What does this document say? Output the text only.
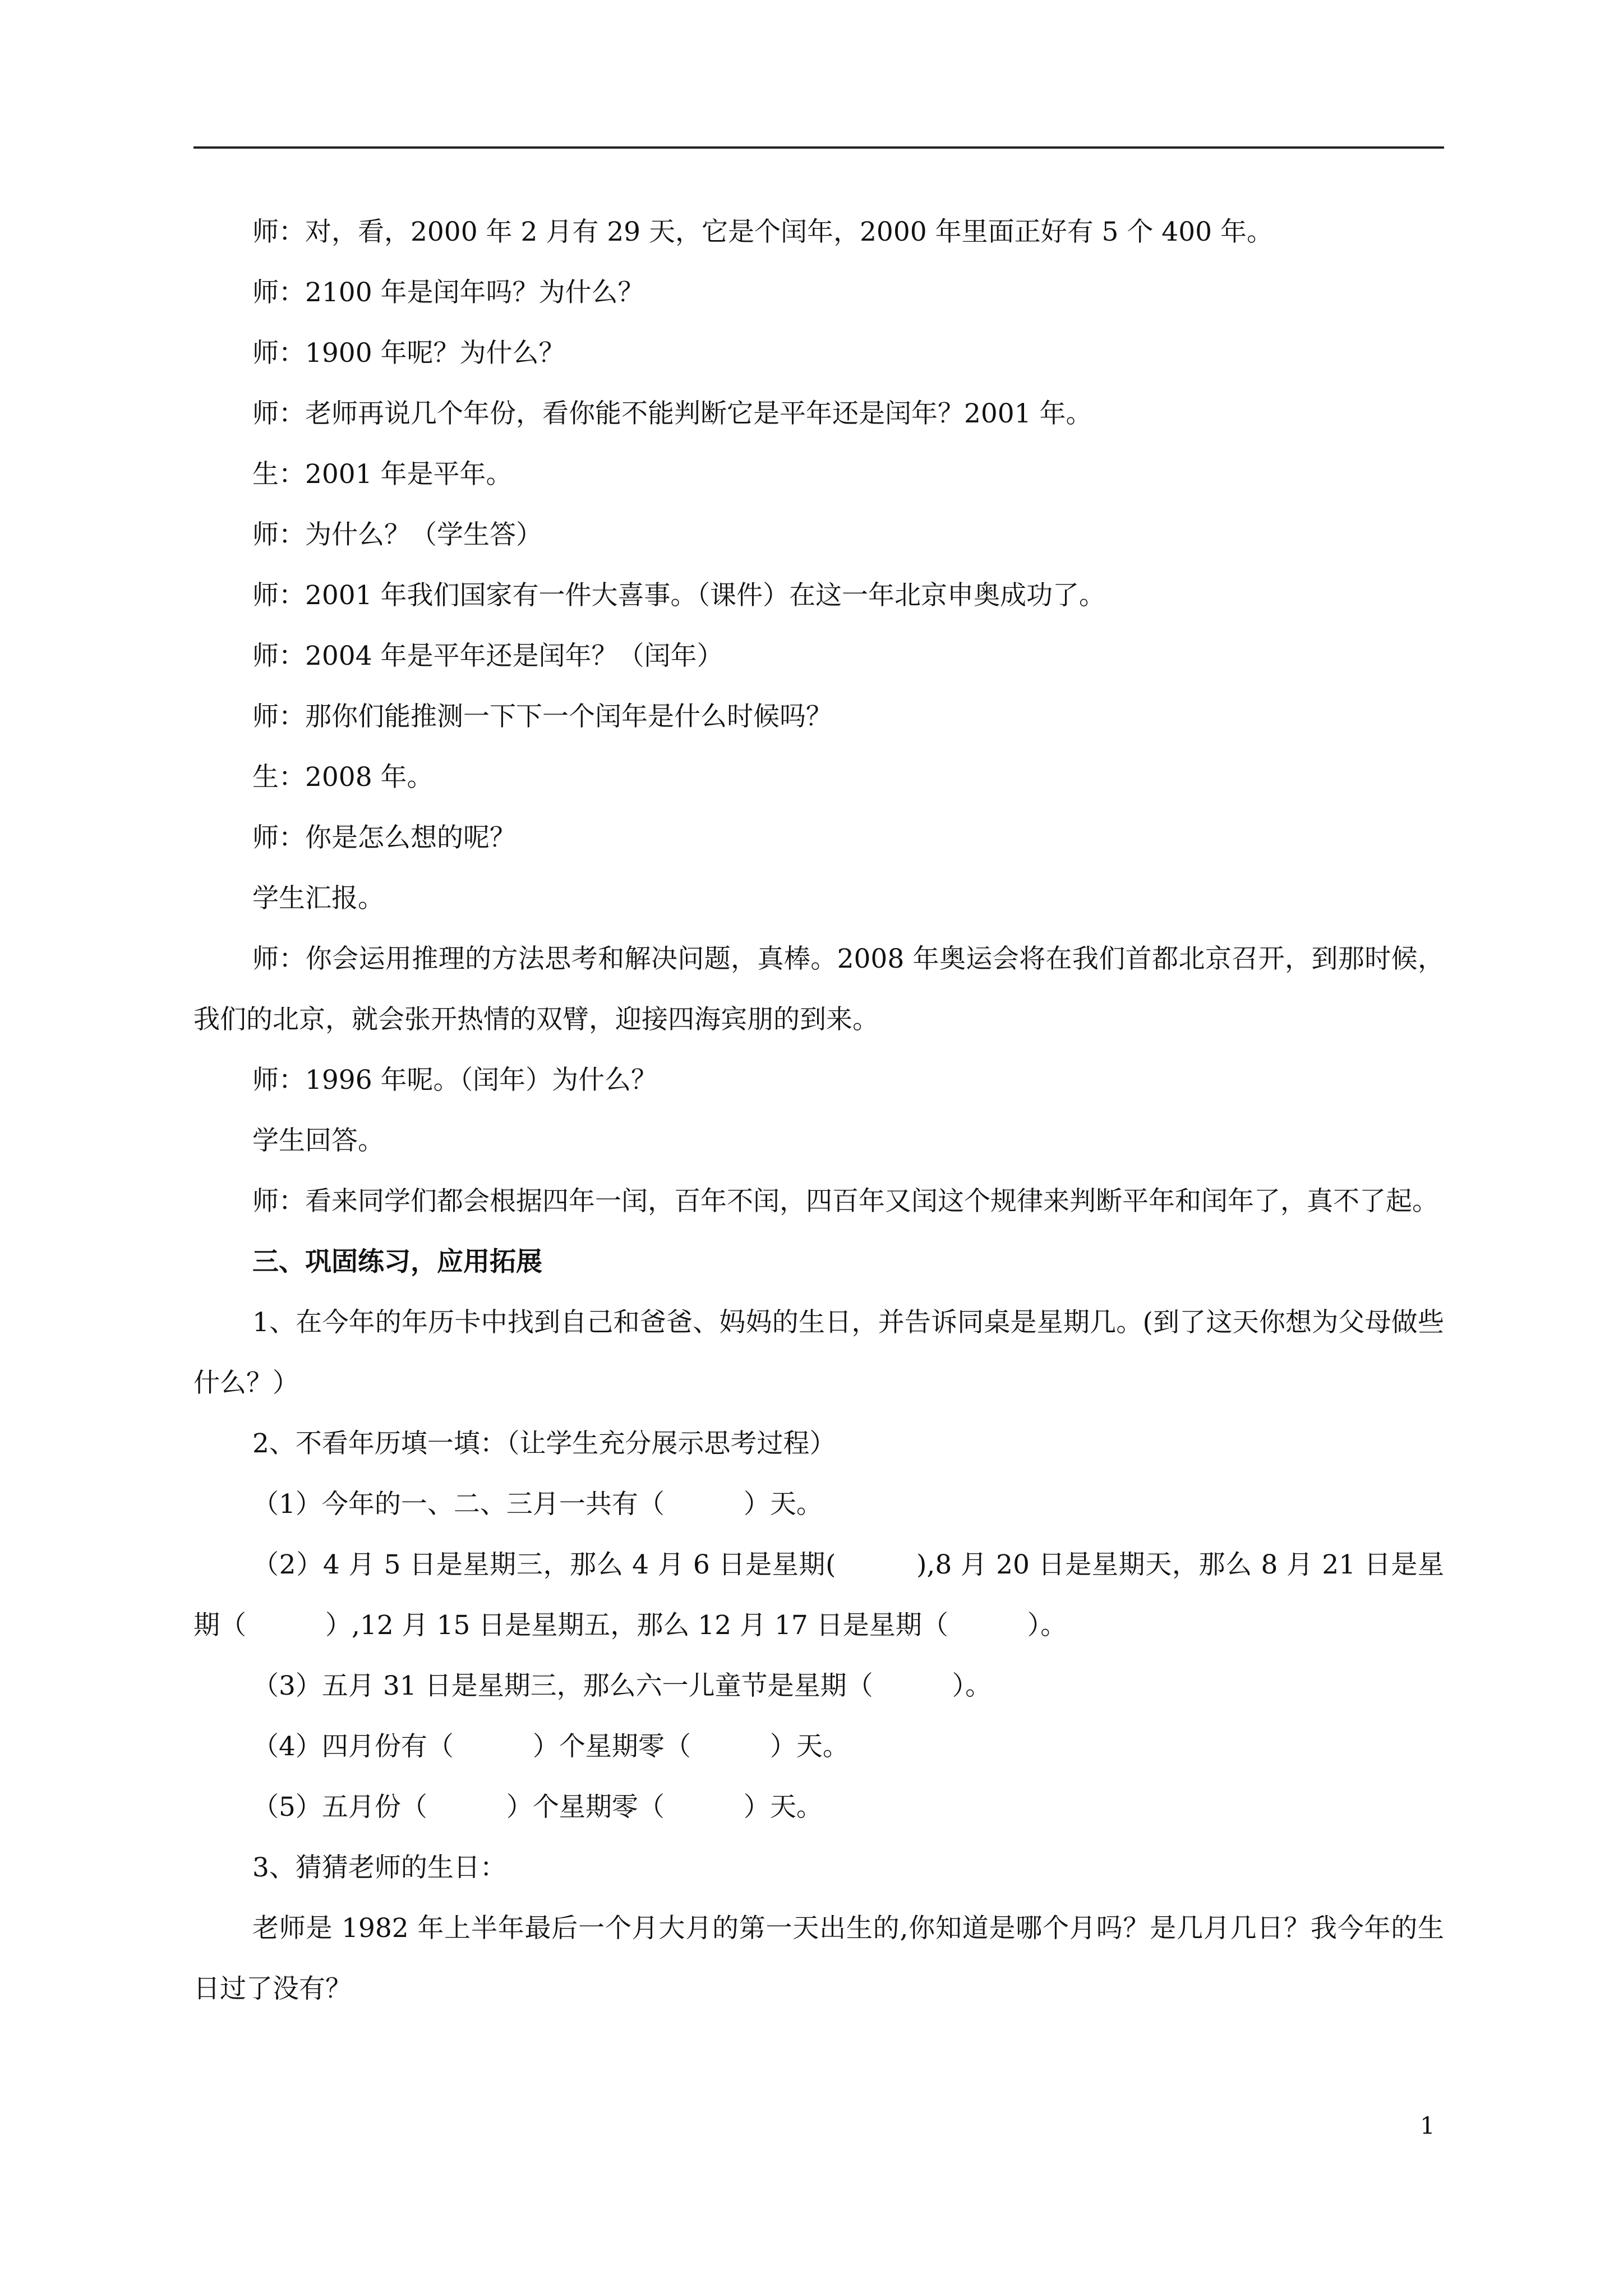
师：对，看，2000 年 2 月有 29 天，它是个闰年，2000 年里面正好有 5 个 400 年。

师：2100 年是闰年吗？为什么？

师：1900 年呢？为什么？

师：老师再说几个年份，看你能不能判断它是平年还是闰年？2001 年。

生：2001 年是平年。

师：为什么？（学生答）

师：2001 年我们国家有一件大喜事。（课件）在这一年北京申奥成功了。

师：2004 年是平年还是闰年？（闰年）

师：那你们能推测一下下一个闰年是什么时候吗？

生：2008 年。

师：你是怎么想的呢？

学生汇报。

师：你会运用推理的方法思考和解决问题，真棒。2008 年奥运会将在我们首都北京召开，到那时候，我们的北京，就会张开热情的双臂，迎接四海宾朋的到来。

师：1996 年呢。（闰年）为什么？

学生回答。

师：看来同学们都会根据四年一闰，百年不闰，四百年又闰这个规律来判断平年和闰年了，真不了起。

三、巩固练习，应用拓展

1、在今年的年历卡中找到自己和爸爸、妈妈的生日，并告诉同桌是星期几。(到了这天你想为父母做些什么？）

2、不看年历填一填：（让学生充分展示思考过程）

（1）今年的一、二、三月一共有（　　　）天。

（2）4 月 5 日是星期三，那么 4 月 6 日是星期(　　　),8 月 20 日是星期天，那么 8 月 21 日是星期（　　　）,12 月 15 日是星期五，那么 12 月 17 日是星期（　　　）。

（3）五月 31 日是星期三，那么六一儿童节是星期（　　　）。

（4）四月份有（　　　）个星期零（　　　）天。

（5）五月份（　　　）个星期零（　　　）天。

3、猜猜老师的生日：

老师是 1982 年上半年最后一个月大月的第一天出生的,你知道是哪个月吗？是几月几日？我今年的生日过了没有？

1
